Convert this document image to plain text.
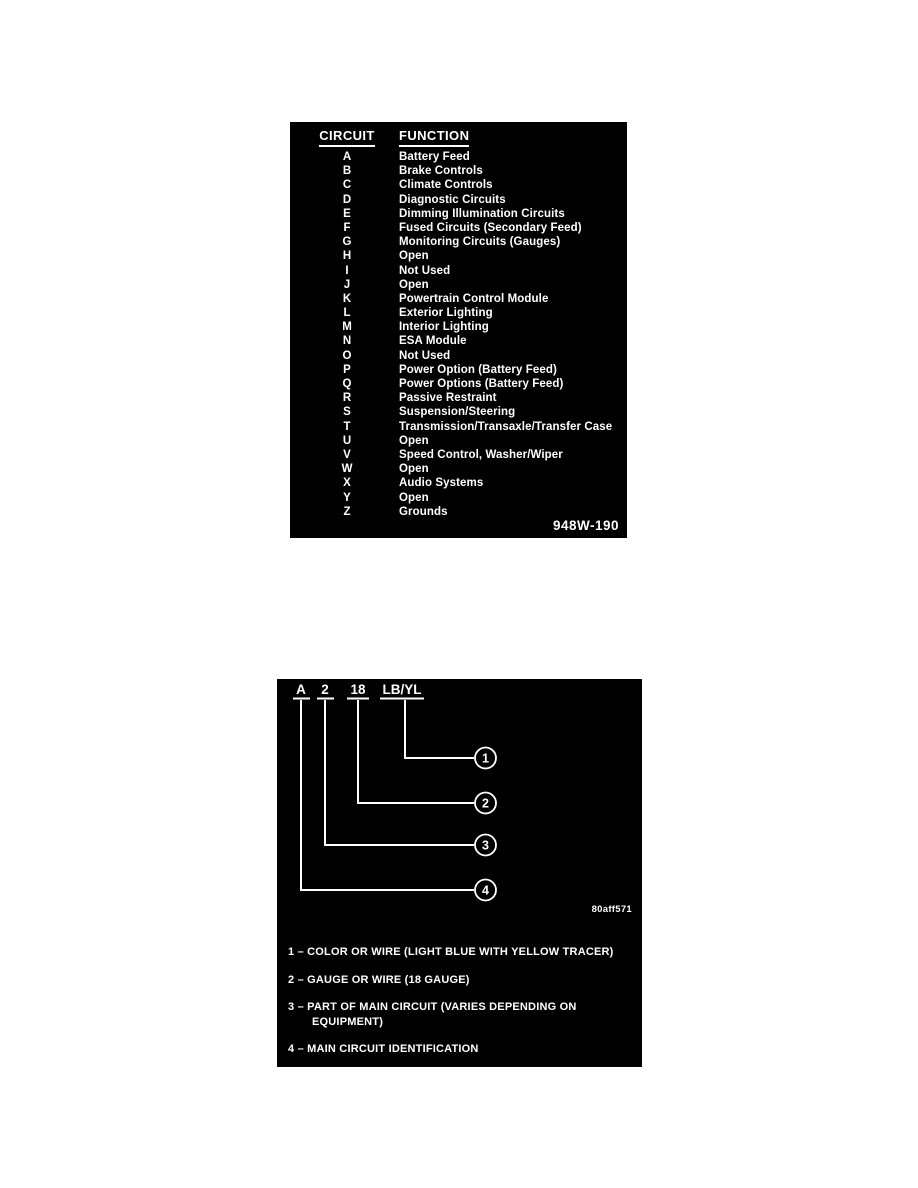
CIRCUIT	FUNCTION
A	Battery Feed
B	Brake Controls
C	Climate Controls
D	Diagnostic Circuits
E	Dimming Illumination Circuits
F	Fused Circuits (Secondary Feed)
G	Monitoring Circuits (Gauges)
H	Open
I	Not Used
J	Open
K	Powertrain Control Module
L	Exterior Lighting
M	Interior Lighting
N	ESA Module
O	Not Used
P	Power Option (Battery Feed)
Q	Power Options (Battery Feed)
R	Passive Restraint
S	Suspension/Steering
T	Transmission/Transaxle/Transfer Case
U	Open
V	Speed Control, Washer/Wiper
W	Open
X	Audio Systems
Y	Open
Z	Grounds
948W-190
A 2 18 LB/YL
1
2
3
4
80aff571
1 – COLOR OR WIRE (LIGHT BLUE WITH YELLOW TRACER)
2 – GAUGE OR WIRE (18 GAUGE)
3 – PART OF MAIN CIRCUIT (VARIES DEPENDING ON EQUIPMENT)
4 – MAIN CIRCUIT IDENTIFICATION
